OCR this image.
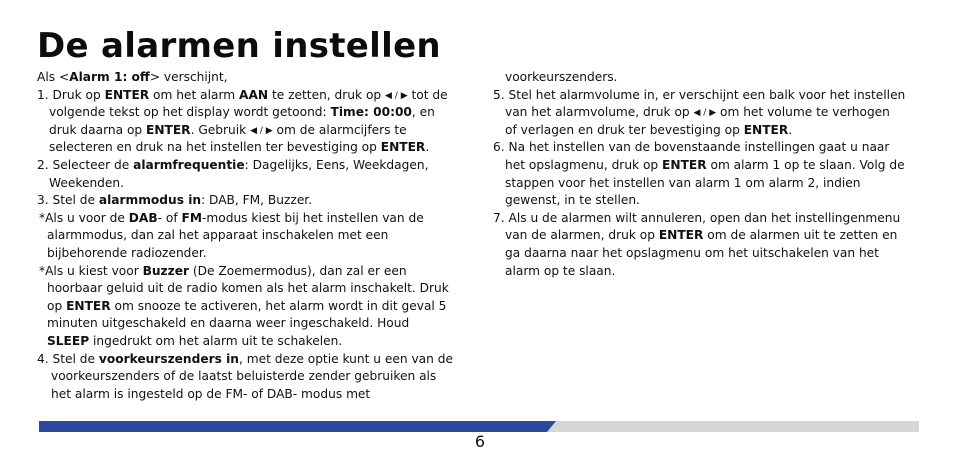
De alarmen instellen
Als <Alarm 1: off> verschijnt,
1. Druk op ENTER om het alarm AAN te zetten, druk op ◀ / ▶ tot de
volgende tekst op het display wordt getoond: Time: 00:00, en
druk daarna op ENTER. Gebruik ◀ / ▶ om de alarmcijfers te
selecteren en druk na het instellen ter bevestiging op ENTER.
2. Selecteer de alarmfrequentie: Dagelijks, Eens, Weekdagen,
Weekenden.
3. Stel de alarmmodus in: DAB, FM, Buzzer.
*Als u voor de DAB- of FM-modus kiest bij het instellen van de
alarmmodus, dan zal het apparaat inschakelen met een
bijbehorende radiozender.
*Als u kiest voor Buzzer (De Zoemermodus), dan zal er een
hoorbaar geluid uit de radio komen als het alarm inschakelt. Druk
op ENTER om snooze te activeren, het alarm wordt in dit geval 5
minuten uitgeschakeld en daarna weer ingeschakeld. Houd
SLEEP ingedrukt om het alarm uit te schakelen.
4. Stel de voorkeurszenders in, met deze optie kunt u een van de
voorkeurszenders of de laatst beluisterde zender gebruiken als
het alarm is ingesteld op de FM- of DAB- modus met
voorkeurszenders.
5. Stel het alarmvolume in, er verschijnt een balk voor het instellen
van het alarmvolume, druk op ◀ / ▶ om het volume te verhogen
of verlagen en druk ter bevestiging op ENTER.
6. Na het instellen van de bovenstaande instellingen gaat u naar
het opslagmenu, druk op ENTER om alarm 1 op te slaan. Volg de
stappen voor het instellen van alarm 1 om alarm 2, indien
gewenst, in te stellen.
7. Als u de alarmen wilt annuleren, open dan het instellingenmenu
van de alarmen, druk op ENTER om de alarmen uit te zetten en
ga daarna naar het opslagmenu om het uitschakelen van het
alarm op te slaan.
6
